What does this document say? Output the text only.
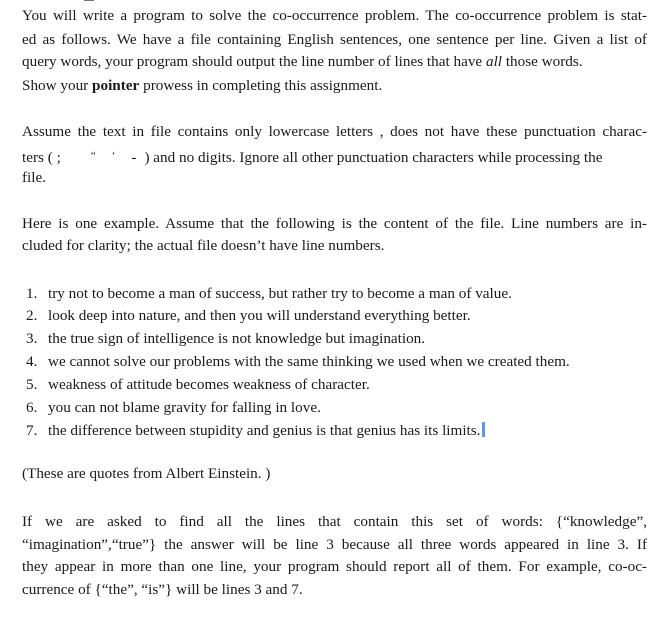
You will write a program to solve the co-occurrence problem. The co-occurrence problem is stat-
ed as follows. We have a file containing English sentences, one sentence per line. Given a list of
query words, your program should output the line number of lines that have all those words.
Show your pointer prowess in completing this assignment.
Assume the text in file contains only lowercase letters , does not have these punctuation charac-
ters ( ;	“ ‘ - ) and no digits. Ignore all other punctuation characters while processing the
file.
Here is one example. Assume that the following is the content of the file. Line numbers are in-
cluded for clarity; the actual file doesn’t have line numbers.
1. try not to become a man of success, but rather try to become a man of value.
2. look deep into nature, and then you will understand everything better.
3. the true sign of intelligence is not knowledge but imagination.
4. we cannot solve our problems with the same thinking we used when we created them.
5. weakness of attitude becomes weakness of character.
6. you can not blame gravity for falling in love.
7. the difference between stupidity and genius is that genius has its limits.
(These are quotes from Albert Einstein. )
If we are asked to find all the lines that contain this set of words: {“knowledge”,
“imagination”,“true”} the answer will be line 3 because all three words appeared in line 3. If
they appear in more than one line, your program should report all of them. For example, co-oc-
currence of {“the”, “is”} will be lines 3 and 7.
